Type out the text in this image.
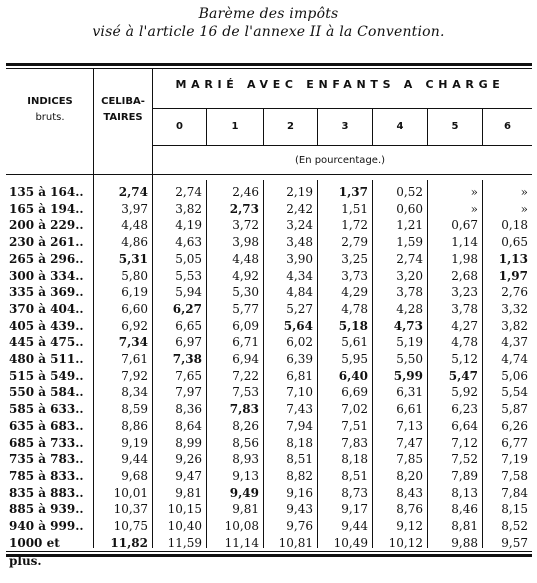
Barème des impôts
visé à l'article 16 de l'annexe II à la Convention.
INDICES
bruts.
CELIBA-
TAIRES
MARIÉ AVEC ENFANTS A CHARGE
0	1	2	3	4	5	6
(En pourcentage.)
135 à 164..	2,74	2,74	2,46	2,19	1,37	0,52	»	»
165 à 194..	3,97	3,82	2,73	2,42	1,51	0,60	»	»
200 à 229..	4,48	4,19	3,72	3,24	1,72	1,21	0,67	0,18
230 à 261..	4,86	4,63	3,98	3,48	2,79	1,59	1,14	0,65
265 à 296..	5,31	5,05	4,48	3,90	3,25	2,74	1,98	1,13
300 à 334..	5,80	5,53	4,92	4,34	3,73	3,20	2,68	1,97
335 à 369..	6,19	5,94	5,30	4,84	4,29	3,78	3,23	2,76
370 à 404..	6,60	6,27	5,77	5,27	4,78	4,28	3,78	3,32
405 à 439..	6,92	6,65	6,09	5,64	5,18	4,73	4,27	3,82
445 à 475..	7,34	6,97	6,71	6,02	5,61	5,19	4,78	4,37
480 à 511..	7,61	7,38	6,94	6,39	5,95	5,50	5,12	4,74
515 à 549..	7,92	7,65	7,22	6,81	6,40	5,99	5,47	5,06
550 à 584..	8,34	7,97	7,53	7,10	6,69	6,31	5,92	5,54
585 à 633..	8,59	8,36	7,83	7,43	7,02	6,61	6,23	5,87
635 à 683..	8,86	8,64	8,26	7,94	7,51	7,13	6,64	6,26
685 à 733..	9,19	8,99	8,56	8,18	7,83	7,47	7,12	6,77
735 à 783..	9,44	9,26	8,93	8,51	8,18	7,85	7,52	7,19
785 à 833..	9,68	9,47	9,13	8,82	8,51	8,20	7,89	7,58
835 à 883..	10,01	9,81	9,49	9,16	8,73	8,43	8,13	7,84
885 à 939..	10,37	10,15	9,81	9,43	9,17	8,76	8,46	8,15
940 à 999..	10,75	10,40	10,08	9,76	9,44	9,12	8,81	8,52
1000 et plus.
11,82	11,59	11,14	10,81	10,49	10,12	9,88	9,57
